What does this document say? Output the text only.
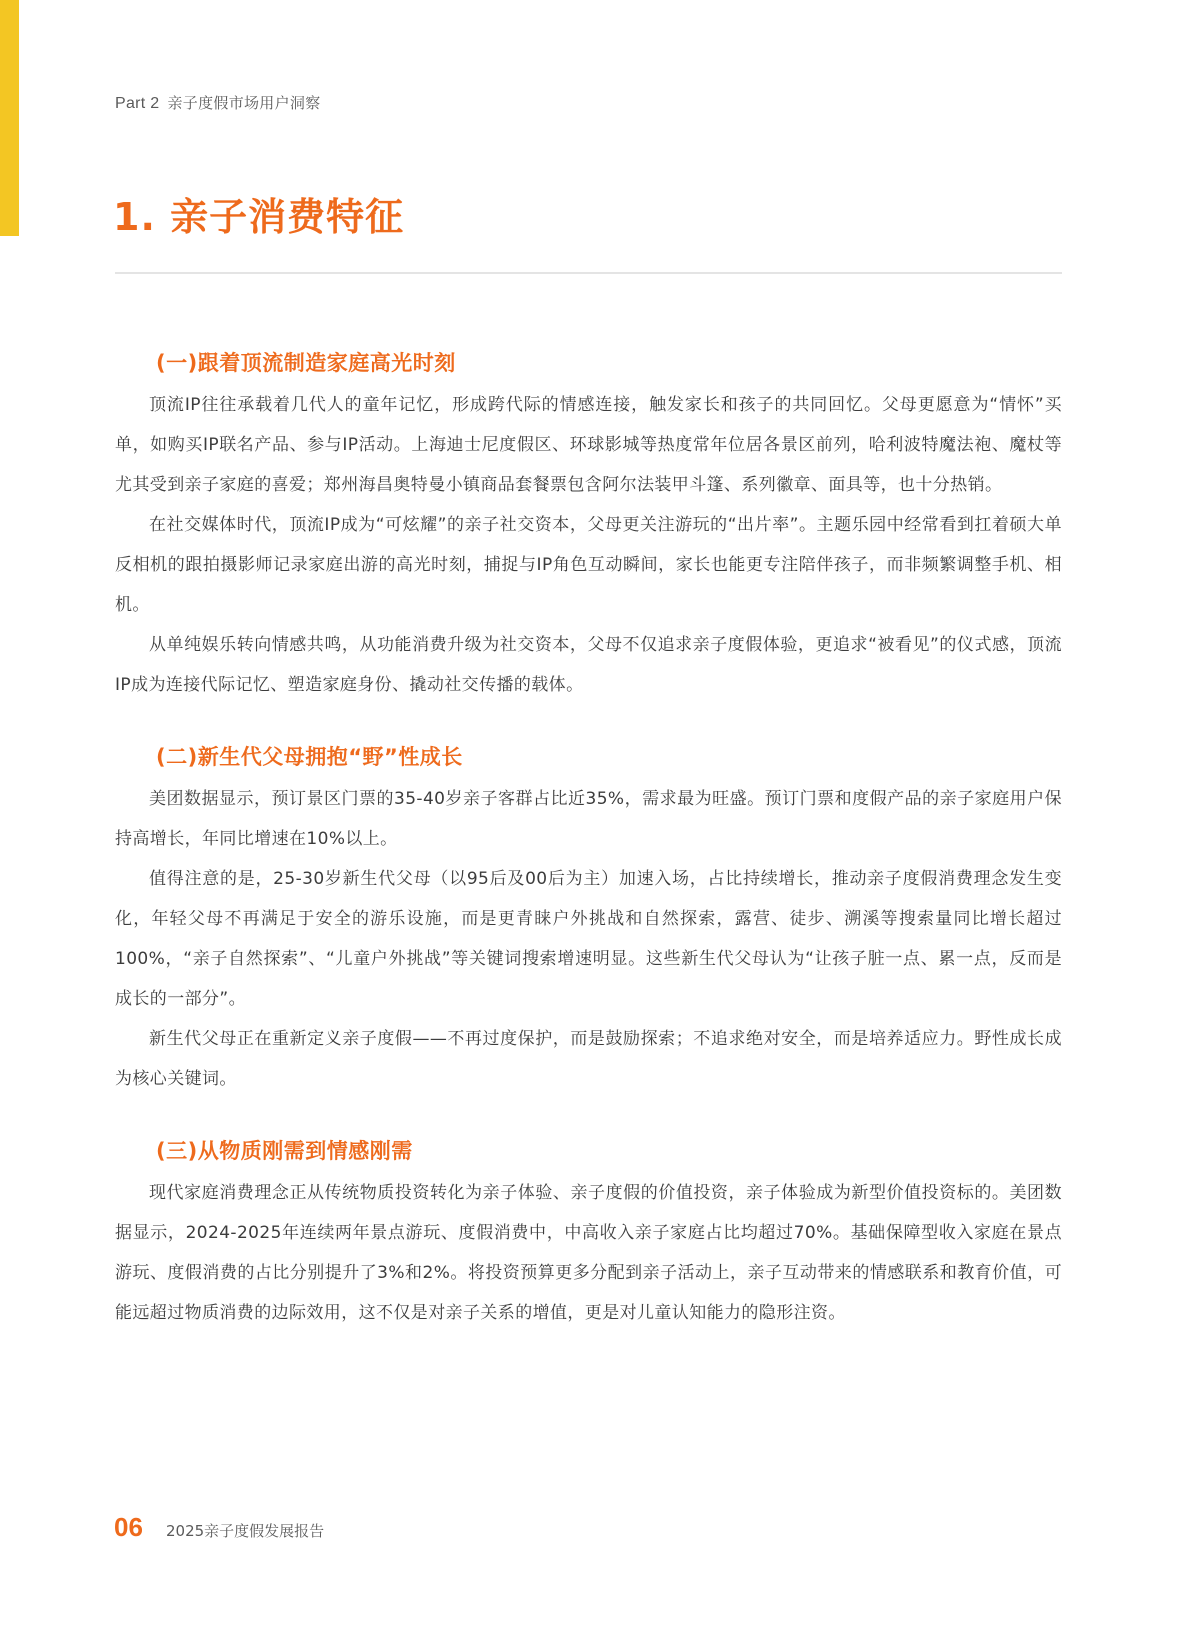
Part 2 亲子度假市场用户洞察
1. 亲子消费特征
(一)跟着顶流制造家庭高光时刻

顶流IP往往承载着几代人的童年记忆，形成跨代际的情感连接，触发家长和孩子的共同回忆。父母更愿意为“情怀”买单，如购买IP联名产品、参与IP活动。上海迪士尼度假区、环球影城等热度常年位居各景区前列，哈利波特魔法袍、魔杖等尤其受到亲子家庭的喜爱；郑州海昌奥特曼小镇商品套餐票包含阿尔法装甲斗篷、系列徽章、面具等，也十分热销。

在社交媒体时代，顶流IP成为“可炫耀”的亲子社交资本，父母更关注游玩的“出片率”。主题乐园中经常看到扛着硕大单反相机的跟拍摄影师记录家庭出游的高光时刻，捕捉与IP角色互动瞬间，家长也能更专注陪伴孩子，而非频繁调整手机、相机。

从单纯娱乐转向情感共鸣，从功能消费升级为社交资本，父母不仅追求亲子度假体验，更追求“被看见”的仪式感，顶流IP成为连接代际记忆、塑造家庭身份、撬动社交传播的载体。

(二)新生代父母拥抱“野”性成长

美团数据显示，预订景区门票的35-40岁亲子客群占比近35%，需求最为旺盛。预订门票和度假产品的亲子家庭用户保持高增长，年同比增速在10%以上。

值得注意的是，25-30岁新生代父母（以95后及00后为主）加速入场，占比持续增长，推动亲子度假消费理念发生变化，年轻父母不再满足于安全的游乐设施，而是更青睐户外挑战和自然探索，露营、徒步、溯溪等搜索量同比增长超过100%，“亲子自然探索”、“儿童户外挑战”等关键词搜索增速明显。这些新生代父母认为“让孩子脏一点、累一点，反而是成长的一部分”。

新生代父母正在重新定义亲子度假——不再过度保护，而是鼓励探索；不追求绝对安全，而是培养适应力。野性成长成为核心关键词。

(三)从物质刚需到情感刚需

现代家庭消费理念正从传统物质投资转化为亲子体验、亲子度假的价值投资，亲子体验成为新型价值投资标的。美团数据显示，2024-2025年连续两年景点游玩、度假消费中，中高收入亲子家庭占比均超过70%。基础保障型收入家庭在景点游玩、度假消费的占比分别提升了3%和2%。将投资预算更多分配到亲子活动上，亲子互动带来的情感联系和教育价值，可能远超过物质消费的边际效用，这不仅是对亲子关系的增值，更是对儿童认知能力的隐形注资。

06 2025亲子度假发展报告
